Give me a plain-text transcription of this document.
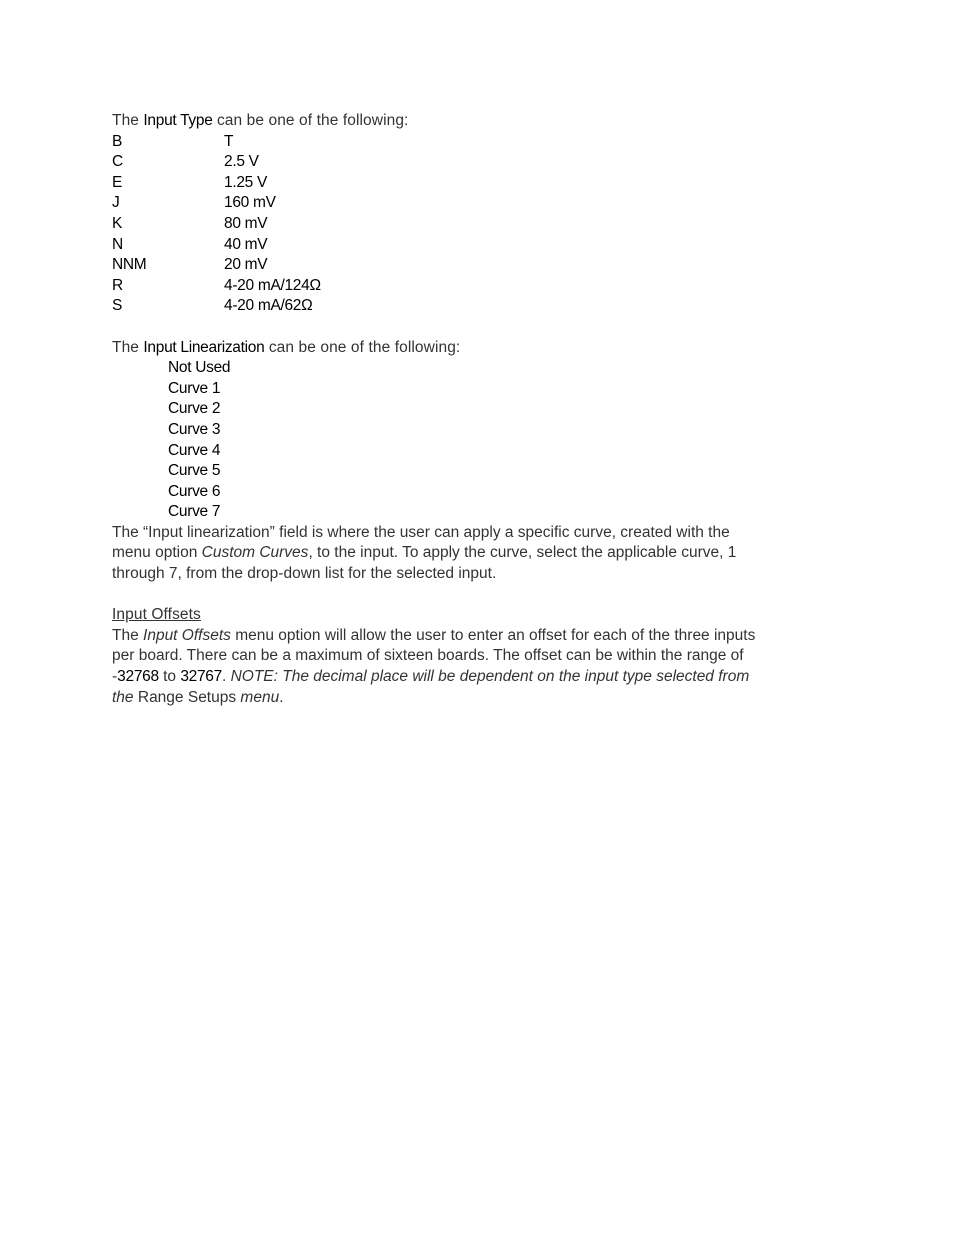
The Input Type can be one of the following:
B	T
C	2.5 V
E	1.25 V
J	160 mV
K	80 mV
N	40 mV
NNM	20 mV
R	4-20 mA/124Ω
S	4-20 mA/62Ω
The Input Linearization can be one of the following:
Not Used
Curve 1
Curve 2
Curve 3
Curve 4
Curve 5
Curve 6
Curve 7
The “Input linearization” field is where the user can apply a specific curve, created with the
menu option Custom Curves, to the input. To apply the curve, select the applicable curve, 1
through 7, from the drop-down list for the selected input.
Input Offsets
The Input Offsets menu option will allow the user to enter an offset for each of the three inputs
per board. There can be a maximum of sixteen boards. The offset can be within the range of
-32768 to 32767. NOTE: The decimal place will be dependent on the input type selected from
the Range Setups menu.
